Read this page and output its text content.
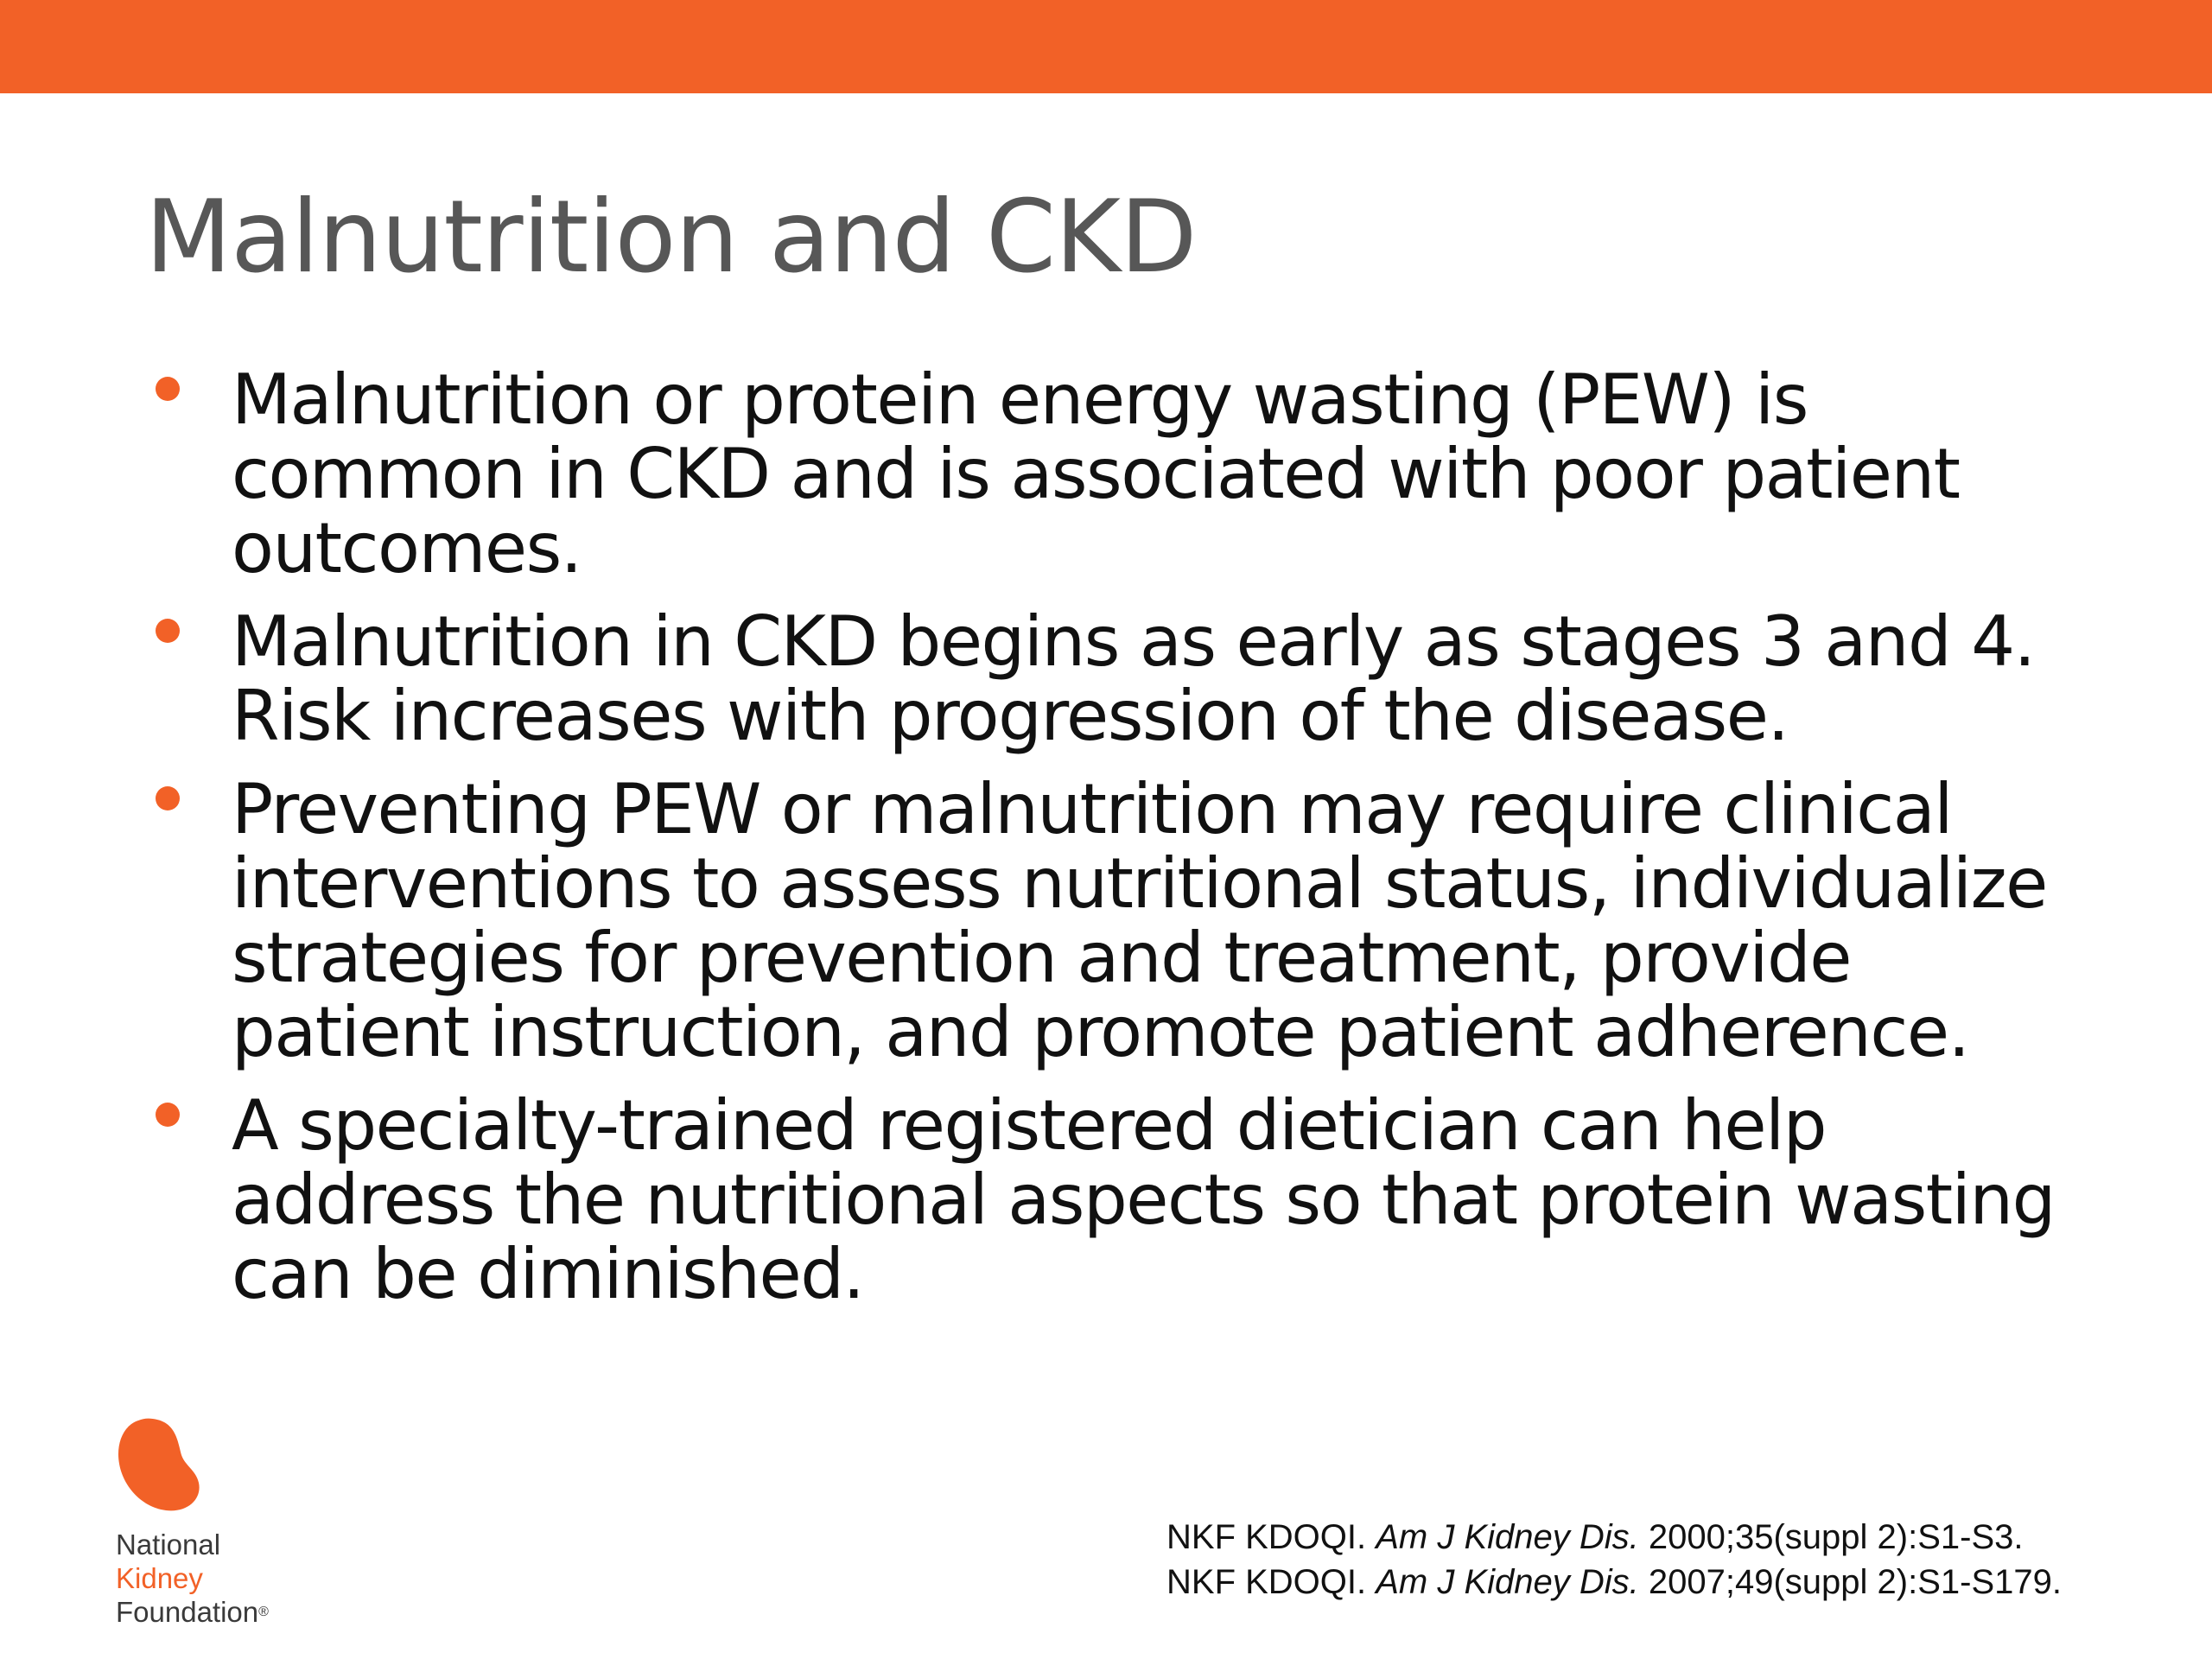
Malnutrition and CKD
Malnutrition or protein energy wasting (PEW) is common in CKD and is associated with poor patient outcomes.
Malnutrition in CKD begins as early as stages 3 and 4. Risk increases with progression of the disease.
Preventing PEW or malnutrition may require clinical interventions to assess nutritional status, individualize strategies for prevention and treatment, provide patient instruction, and promote patient adherence.
A specialty-trained registered dietician can help address the nutritional aspects so that protein wasting can be diminished.
National
Kidney
Foundation®
NKF KDOQI. Am J Kidney Dis. 2000;35(suppl 2):S1-S3.
NKF KDOQI. Am J Kidney Dis. 2007;49(suppl 2):S1-S179.
